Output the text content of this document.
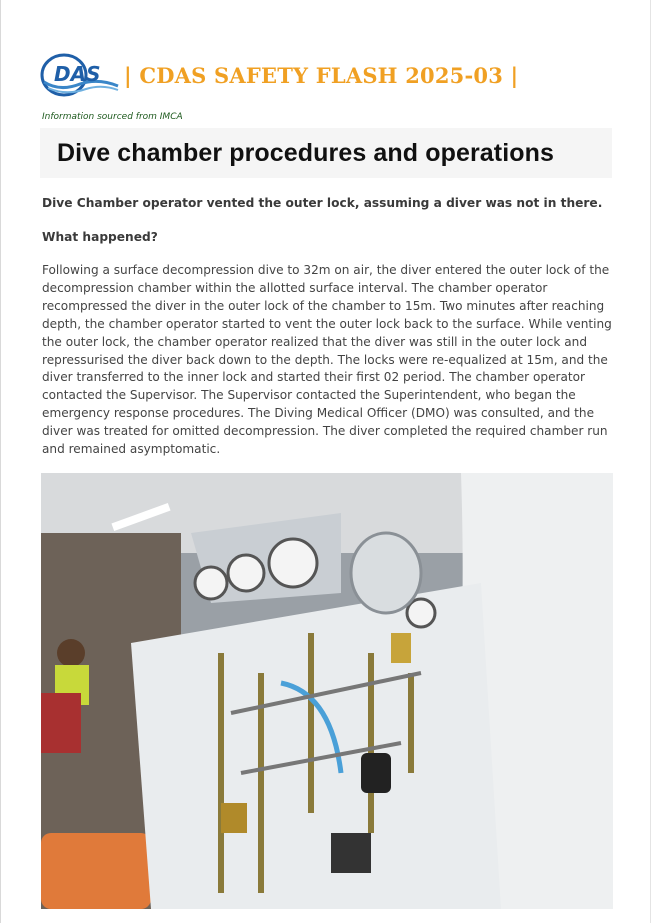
DAS | CDAS SAFETY FLASH 2025-03 |
Information sourced from IMCA
Dive chamber procedures and operations
Dive Chamber operator vented the outer lock, assuming a diver was not in there.
What happened?
Following a surface decompression dive to 32m on air, the diver entered the outer lock of the decompression chamber within the allotted surface interval. The chamber operator recompressed the diver in the outer lock of the chamber to 15m. Two minutes after reaching depth, the chamber operator started to vent the outer lock back to the surface. While venting the outer lock, the chamber operator realized that the diver was still in the outer lock and repressurised the diver back down to the depth. The locks were re-equalized at 15m, and the diver transferred to the inner lock and started their first 02 period. The chamber operator contacted the Supervisor. The Supervisor contacted the Superintendent, who began the emergency response procedures. The Diving Medical Officer (DMO) was consulted, and the diver was treated for omitted decompression. The diver completed the required chamber run and remained asymptomatic.
